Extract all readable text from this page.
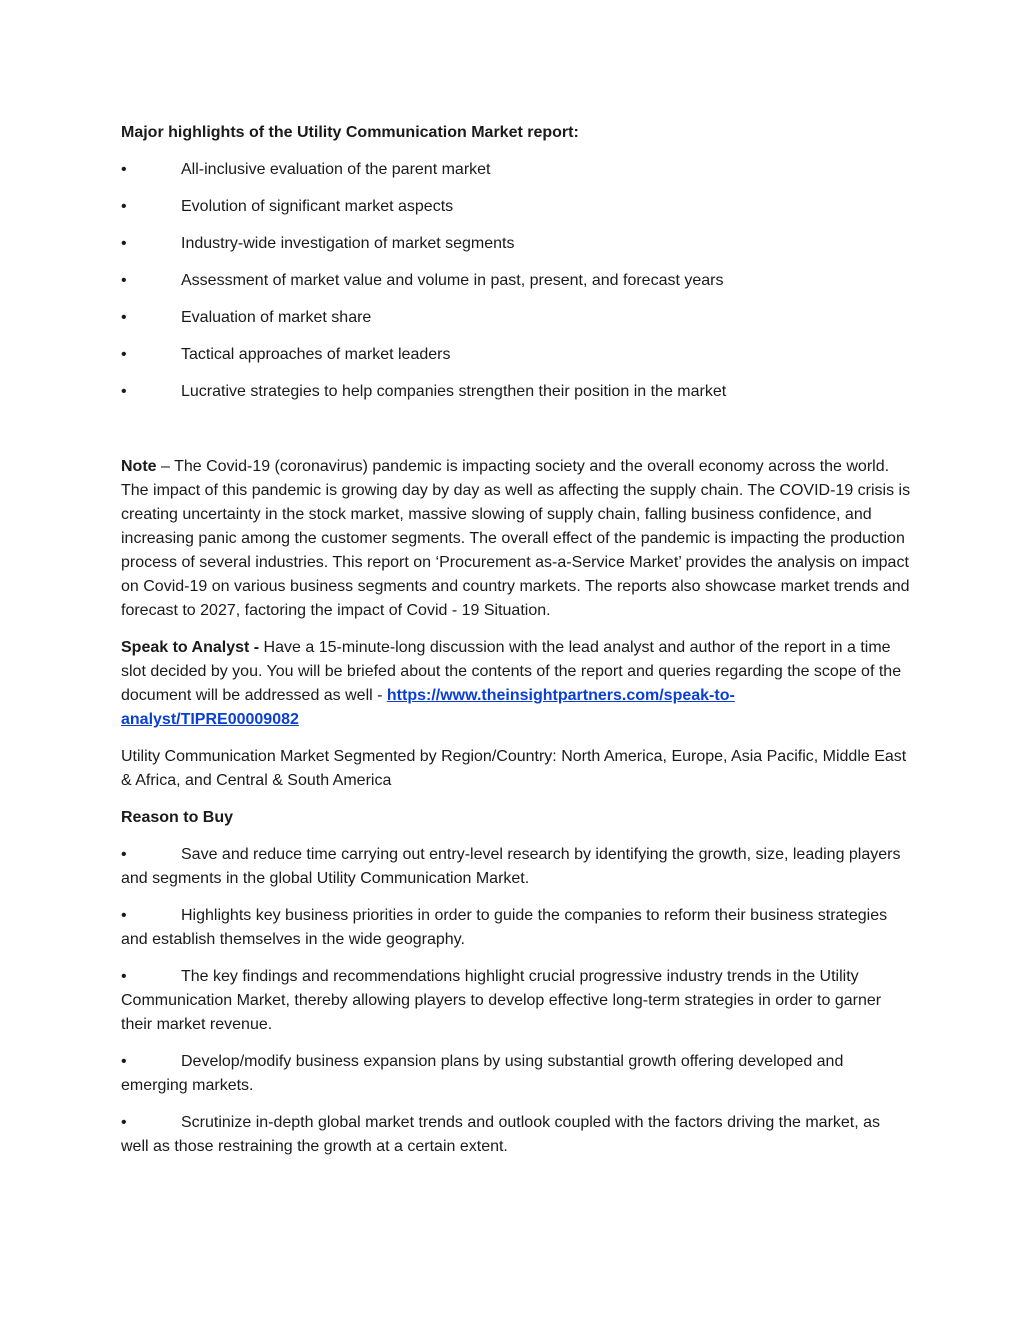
Major highlights of the Utility Communication Market report:

•	All-inclusive evaluation of the parent market
•	Evolution of significant market aspects
•	Industry-wide investigation of market segments
•	Assessment of market value and volume in past, present, and forecast years
•	Evaluation of market share
•	Tactical approaches of market leaders
•	Lucrative strategies to help companies strengthen their position in the market

Note – The Covid-19 (coronavirus) pandemic is impacting society and the overall economy across the world. The impact of this pandemic is growing day by day as well as affecting the supply chain. The COVID-19 crisis is creating uncertainty in the stock market, massive slowing of supply chain, falling business confidence, and increasing panic among the customer segments. The overall effect of the pandemic is impacting the production process of several industries. This report on ‘Procurement as-a-Service Market’ provides the analysis on impact on Covid-19 on various business segments and country markets. The reports also showcase market trends and forecast to 2027, factoring the impact of Covid - 19 Situation.

Speak to Analyst - Have a 15-minute-long discussion with the lead analyst and author of the report in a time slot decided by you. You will be briefed about the contents of the report and queries regarding the scope of the document will be addressed as well - https://www.theinsightpartners.com/speak-to-analyst/TIPRE00009082

Utility Communication Market Segmented by Region/Country: North America, Europe, Asia Pacific, Middle East & Africa, and Central & South America

Reason to Buy

•	Save and reduce time carrying out entry-level research by identifying the growth, size, leading players and segments in the global Utility Communication Market.
•	Highlights key business priorities in order to guide the companies to reform their business strategies and establish themselves in the wide geography.
•	The key findings and recommendations highlight crucial progressive industry trends in the Utility Communication Market, thereby allowing players to develop effective long-term strategies in order to garner their market revenue.
•	Develop/modify business expansion plans by using substantial growth offering developed and emerging markets.
•	Scrutinize in-depth global market trends and outlook coupled with the factors driving the market, as well as those restraining the growth at a certain extent.
